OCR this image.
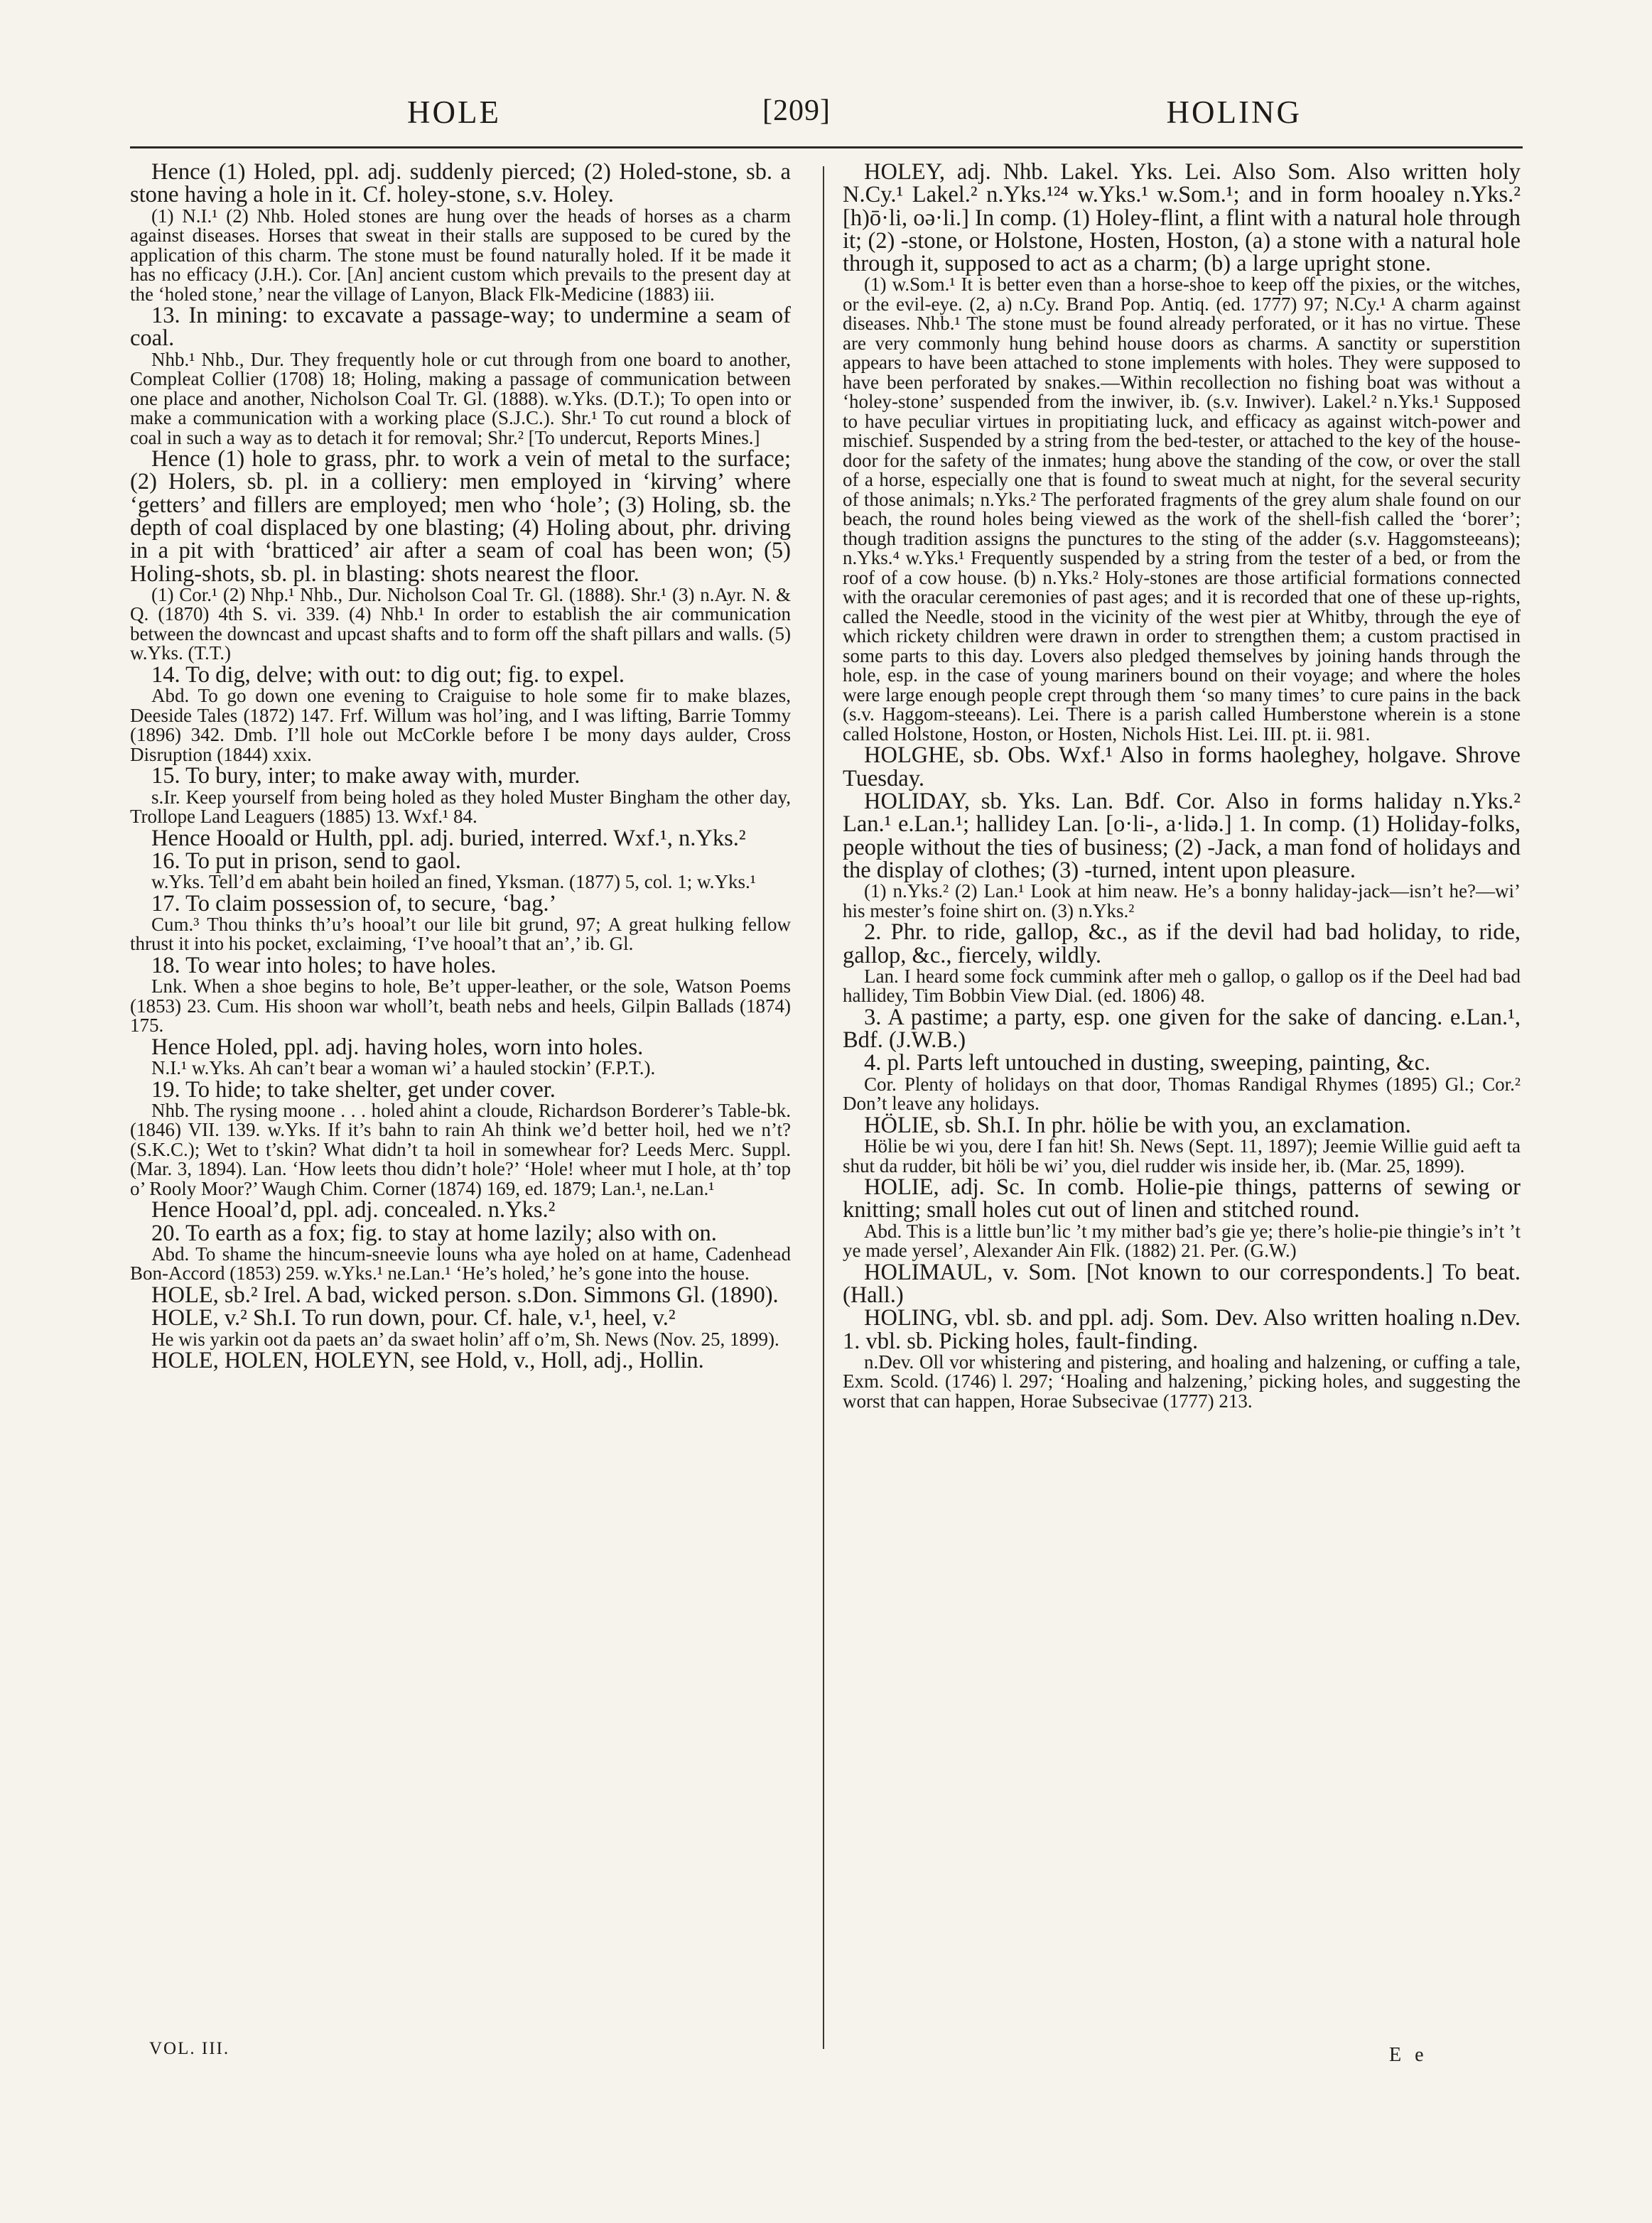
HOLE	[209]	HOLING

Hence (1) Holed, ppl. adj. suddenly pierced; (2) Holed-stone, sb. a stone having a hole in it. Cf. holey-stone, s.v. Holey.

(1) N.I.¹ (2) Nhb. Holed stones are hung over the heads of horses as a charm against diseases. Horses that sweat in their stalls are supposed to be cured by the application of this charm. The stone must be found naturally holed. If it be made it has no efficacy (J.H.). Cor. [An] ancient custom which prevails to the present day at the ‘holed stone,’ near the village of Lanyon, Black Flk-Medicine (1883) iii.

13. In mining: to excavate a passage-way; to undermine a seam of coal.

Nhb.¹ Nhb., Dur. They frequently hole or cut through from one board to another, Compleat Collier (1708) 18; Holing, making a passage of communication between one place and another, Nicholson Coal Tr. Gl. (1888). w.Yks. (D.T.); To open into or make a communication with a working place (S.J.C.). Shr.¹ To cut round a block of coal in such a way as to detach it for removal; Shr.² [To undercut, Reports Mines.]

Hence (1) hole to grass, phr. to work a vein of metal to the surface; (2) Holers, sb. pl. in a colliery: men employed in ‘kirving’ where ‘getters’ and fillers are employed; men who ‘hole’; (3) Holing, sb. the depth of coal displaced by one blasting; (4) Holing about, phr. driving in a pit with ‘bratticed’ air after a seam of coal has been won; (5) Holing-shots, sb. pl. in blasting: shots nearest the floor.

(1) Cor.¹ (2) Nhp.¹ Nhb., Dur. Nicholson Coal Tr. Gl. (1888). Shr.¹ (3) n.Ayr. N. & Q. (1870) 4th S. vi. 339. (4) Nhb.¹ In order to establish the air communication between the downcast and upcast shafts and to form off the shaft pillars and walls. (5) w.Yks. (T.T.)

14. To dig, delve; with out: to dig out; fig. to expel.

Abd. To go down one evening to Craiguise to hole some fir to make blazes, Deeside Tales (1872) 147. Frf. Willum was hol’ing, and I was lifting, Barrie Tommy (1896) 342. Dmb. I’ll hole out McCorkle before I be mony days aulder, Cross Disruption (1844) xxix.

15. To bury, inter; to make away with, murder.

s.Ir. Keep yourself from being holed as they holed Muster Bingham the other day, Trollope Land Leaguers (1885) 13. Wxf.¹ 84.

Hence Hooald or Hulth, ppl. adj. buried, interred. Wxf.¹, n.Yks.²

16. To put in prison, send to gaol.

w.Yks. Tell’d em abaht bein hoiled an fined, Yksman. (1877) 5, col. 1; w.Yks.¹

17. To claim possession of, to secure, ‘bag.’

Cum.³ Thou thinks th’u’s hooal’t our lile bit grund, 97; A great hulking fellow thrust it into his pocket, exclaiming, ‘I’ve hooal’t that an’,’ ib. Gl.

18. To wear into holes; to have holes.

Lnk. When a shoe begins to hole, Be’t upper-leather, or the sole, Watson Poems (1853) 23. Cum. His shoon war wholl’t, beath nebs and heels, Gilpin Ballads (1874) 175.

Hence Holed, ppl. adj. having holes, worn into holes.

N.I.¹ w.Yks. Ah can’t bear a woman wi’ a hauled stockin’ (F.P.T.).

19. To hide; to take shelter, get under cover.

Nhb. The rysing moone . . . holed ahint a cloude, Richardson Borderer’s Table-bk. (1846) VII. 139. w.Yks. If it’s bahn to rain Ah think we’d better hoil, hed we n’t? (S.K.C.); Wet to t’skin? What didn’t ta hoil in somewhear for? Leeds Merc. Suppl. (Mar. 3, 1894). Lan. ‘How leets thou didn’t hole?’ ‘Hole! wheer mut I hole, at th’ top o’ Rooly Moor?’ Waugh Chim. Corner (1874) 169, ed. 1879; Lan.¹, ne.Lan.¹

Hence Hooal’d, ppl. adj. concealed. n.Yks.²

20. To earth as a fox; fig. to stay at home lazily; also with on.

Abd. To shame the hincum-sneevie louns wha aye holed on at hame, Cadenhead Bon-Accord (1853) 259. w.Yks.¹ ne.Lan.¹ ‘He’s holed,’ he’s gone into the house.

HOLE, sb.² Irel. A bad, wicked person. s.Don. Simmons Gl. (1890).

HOLE, v.² Sh.I. To run down, pour. Cf. hale, v.¹, heel, v.²

He wis yarkin oot da paets an’ da swaet holin’ aff o’m, Sh. News (Nov. 25, 1899).

HOLE, HOLEN, HOLEYN, see Hold, v., Holl, adj., Hollin.

HOLEY, adj. Nhb. Lakel. Yks. Lei. Also Som. Also written holy N.Cy.¹ Lakel.² n.Yks.¹²⁴ w.Yks.¹ w.Som.¹; and in form hooaley n.Yks.² [h)ō·li, oə·li.] In comp. (1) Holey-flint, a flint with a natural hole through it; (2) -stone, or Holstone, Hosten, Hoston, (a) a stone with a natural hole through it, supposed to act as a charm; (b) a large upright stone.

(1) w.Som.¹ It is better even than a horse-shoe to keep off the pixies, or the witches, or the evil-eye. (2, a) n.Cy. Brand Pop. Antiq. (ed. 1777) 97; N.Cy.¹ A charm against diseases. Nhb.¹ The stone must be found already perforated, or it has no virtue. These are very commonly hung behind house doors as charms. A sanctity or superstition appears to have been attached to stone implements with holes. They were supposed to have been perforated by snakes.—Within recollection no fishing boat was without a ‘holey-stone’ suspended from the inwiver, ib. (s.v. Inwiver). Lakel.² n.Yks.¹ Supposed to have peculiar virtues in propitiating luck, and efficacy as against witch-power and mischief. Suspended by a string from the bed-tester, or attached to the key of the house-door for the safety of the inmates; hung above the standing of the cow, or over the stall of a horse, especially one that is found to sweat much at night, for the several security of those animals; n.Yks.² The perforated fragments of the grey alum shale found on our beach, the round holes being viewed as the work of the shell-fish called the ‘borer’; though tradition assigns the punctures to the sting of the adder (s.v. Haggomsteeans); n.Yks.⁴ w.Yks.¹ Frequently suspended by a string from the tester of a bed, or from the roof of a cow house. (b) n.Yks.² Holy-stones are those artificial formations connected with the oracular ceremonies of past ages; and it is recorded that one of these up-rights, called the Needle, stood in the vicinity of the west pier at Whitby, through the eye of which rickety children were drawn in order to strengthen them; a custom practised in some parts to this day. Lovers also pledged themselves by joining hands through the hole, esp. in the case of young mariners bound on their voyage; and where the holes were large enough people crept through them ‘so many times’ to cure pains in the back (s.v. Haggom-steeans). Lei. There is a parish called Humberstone wherein is a stone called Holstone, Hoston, or Hosten, Nichols Hist. Lei. III. pt. ii. 981.

HOLGHE, sb. Obs. Wxf.¹ Also in forms haoleghey, holgave. Shrove Tuesday.

HOLIDAY, sb. Yks. Lan. Bdf. Cor. Also in forms haliday n.Yks.² Lan.¹ e.Lan.¹; hallidey Lan. [o·li-, a·lidə.] 1. In comp. (1) Holiday-folks, people without the ties of business; (2) -Jack, a man fond of holidays and the display of clothes; (3) -turned, intent upon pleasure.

(1) n.Yks.² (2) Lan.¹ Look at him neaw. He’s a bonny haliday-jack—isn’t he?—wi’ his mester’s foine shirt on. (3) n.Yks.²

2. Phr. to ride, gallop, &c., as if the devil had bad holiday, to ride, gallop, &c., fiercely, wildly.

Lan. I heard some fock cummink after meh o gallop, o gallop os if the Deel had bad hallidey, Tim Bobbin View Dial. (ed. 1806) 48.

3. A pastime; a party, esp. one given for the sake of dancing. e.Lan.¹, Bdf. (J.W.B.)

4. pl. Parts left untouched in dusting, sweeping, painting, &c.

Cor. Plenty of holidays on that door, Thomas Randigal Rhymes (1895) Gl.; Cor.² Don’t leave any holidays.

HÖLIE, sb. Sh.I. In phr. hölie be with you, an exclamation.

Hölie be wi you, dere I fan hit! Sh. News (Sept. 11, 1897); Jeemie Willie guid aeft ta shut da rudder, bit höli be wi’ you, diel rudder wis inside her, ib. (Mar. 25, 1899).

HOLIE, adj. Sc. In comb. Holie-pie things, patterns of sewing or knitting; small holes cut out of linen and stitched round.

Abd. This is a little bun’lic ’t my mither bad’s gie ye; there’s holie-pie thingie’s in’t ’t ye made yersel’, Alexander Ain Flk. (1882) 21. Per. (G.W.)

HOLIMAUL, v. Som. [Not known to our correspondents.] To beat. (Hall.)

HOLING, vbl. sb. and ppl. adj. Som. Dev. Also written hoaling n.Dev. 1. vbl. sb. Picking holes, fault-finding.

n.Dev. Oll vor whistering and pistering, and hoaling and halzening, or cuffing a tale, Exm. Scold. (1746) l. 297; ‘Hoaling and halzening,’ picking holes, and suggesting the worst that can happen, Horae Subsecivae (1777) 213.

VOL. III.	E e
